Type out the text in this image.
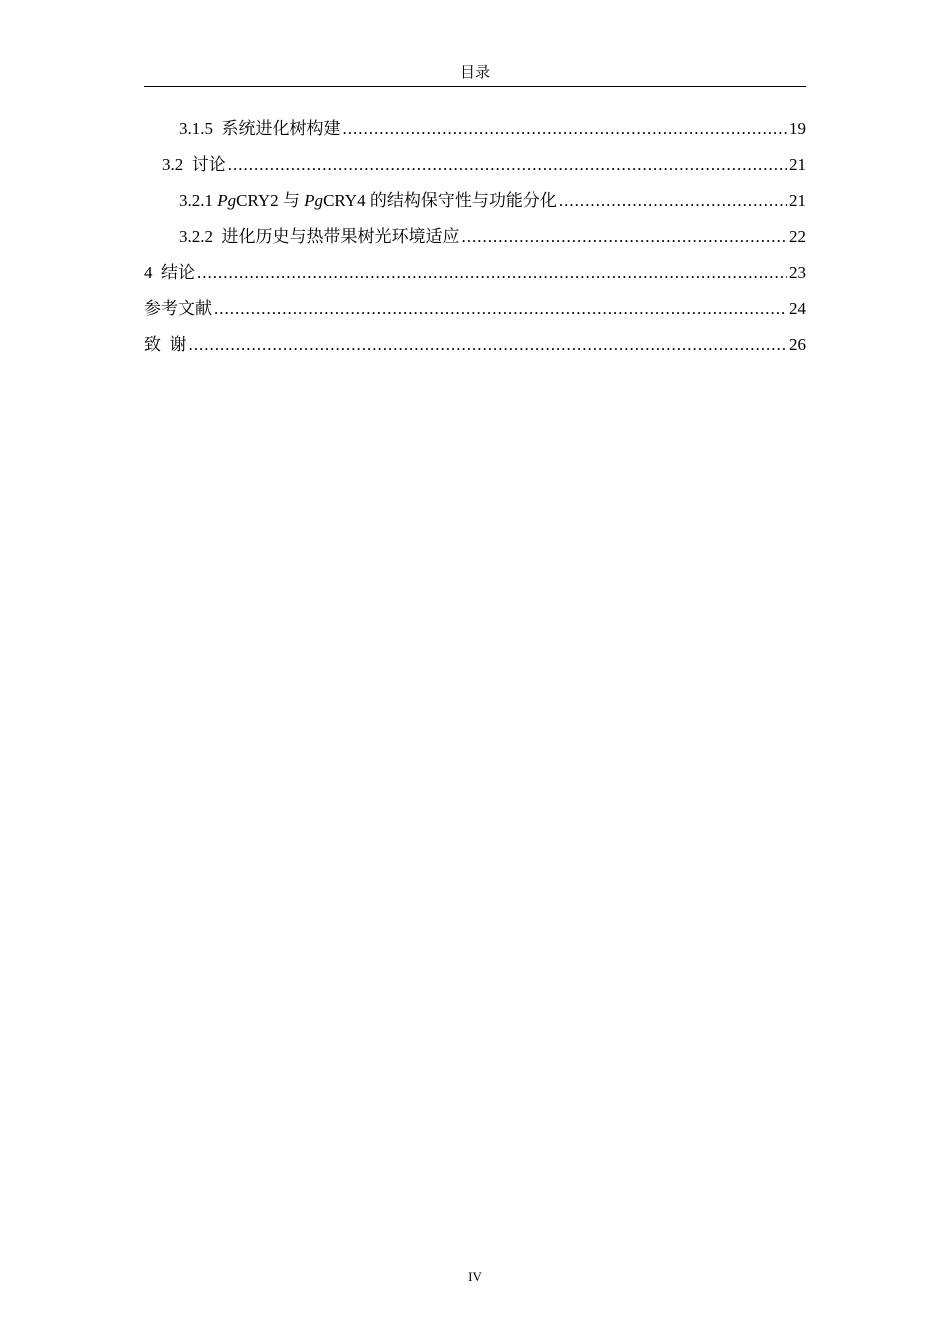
目录
3.1.5 系统进化树构建 .....	19
3.2 讨论 .....	21
3.2.1 PgCRY2 与 PgCRY4 的结构保守性与功能分化 .....	21
3.2.2 进化历史与热带果树光环境适应 .....	22
4 结论 .....	23
参考文献 .....	24
致  谢 .....	26
IV
